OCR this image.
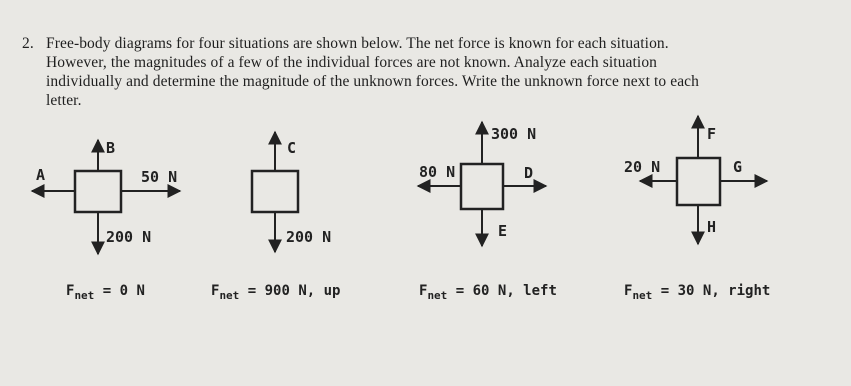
2. Free-body diagrams for four situations are shown below. The net force is known for each situation.
However, the magnitudes of a few of the individual forces are not known. Analyze each situation
individually and determine the magnitude of the unknown forces. Write the unknown force next to each
letter.
B
A	50 N
200 N
C
200 N
300 N
80 N	D
E
F
20 N	G
H
$F_{net} = 0$ N	$F_{net} = 900$ N, up	$F_{net} = 60$ N, left	$F_{net} = 30$ N, right
